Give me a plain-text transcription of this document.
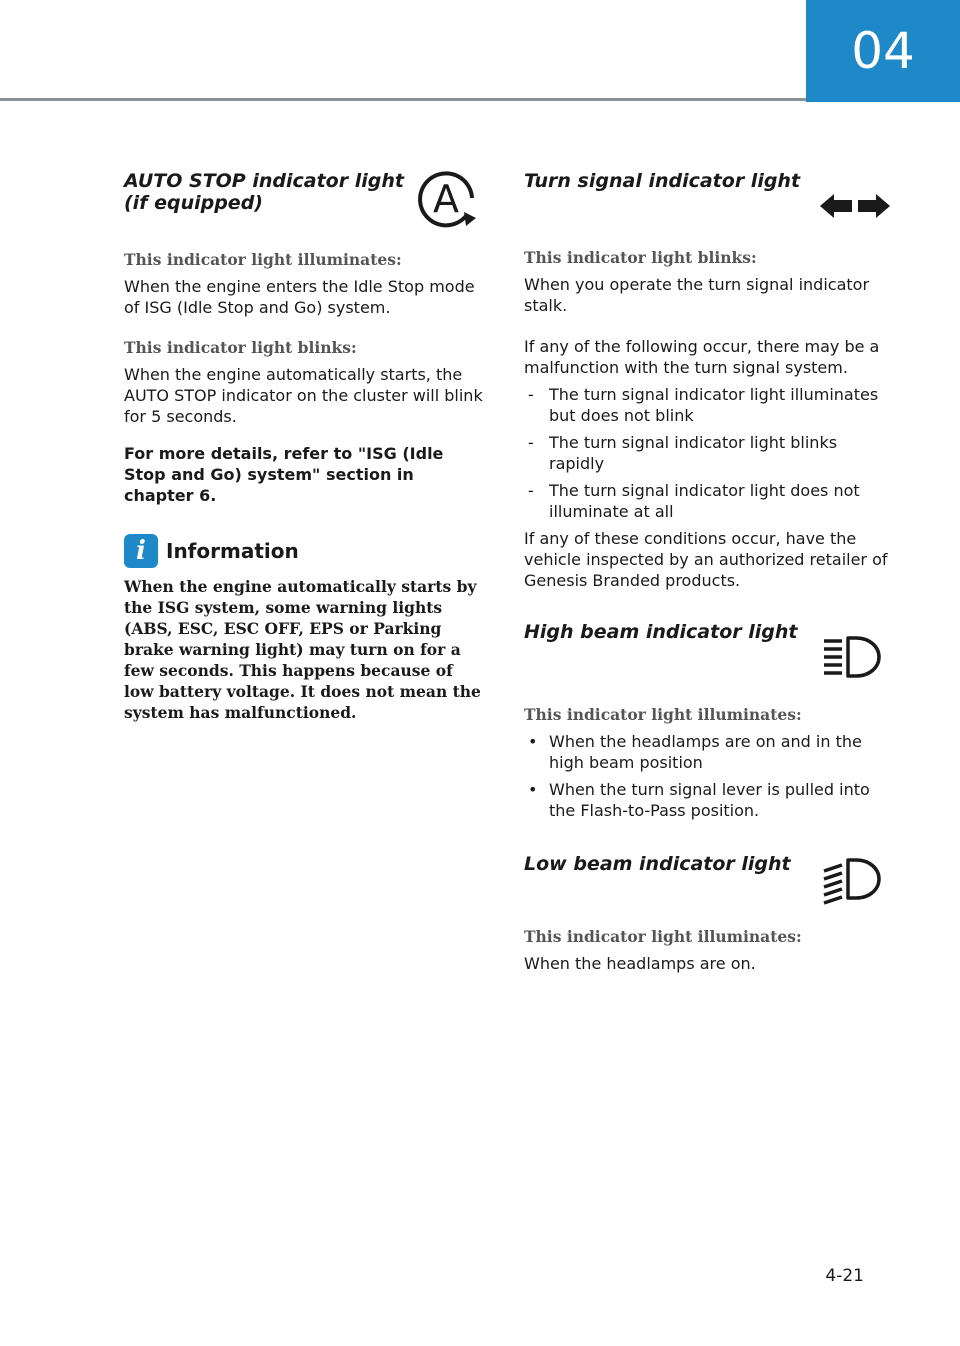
04
AUTO STOP indicator light
(if equipped)	A

This indicator light illuminates:

When the engine enters the Idle Stop mode of ISG (Idle Stop and Go) system.

This indicator light blinks:

When the engine automatically starts, the AUTO STOP indicator on the cluster will blink for 5 seconds.

For more details, refer to "ISG (Idle Stop and Go) system" section in chapter 6.

i	Information

When the engine automatically starts by the ISG system, some warning lights (ABS, ESC, ESC OFF, EPS or Parking brake warning light) may turn on for a few seconds. This happens because of low battery voltage. It does not mean the system has malfunctioned.

Turn signal indicator light

This indicator light blinks:

When you operate the turn signal indicator stalk.

If any of the following occur, there may be a malfunction with the turn signal system.

- The turn signal indicator light illuminates but does not blink
- The turn signal indicator light blinks rapidly
- The turn signal indicator light does not illuminate at all

If any of these conditions occur, have the vehicle inspected by an authorized retailer of Genesis Branded products.

High beam indicator light

This indicator light illuminates:

• When the headlamps are on and in the high beam position
• When the turn signal lever is pulled into the Flash-to-Pass position.
Low beam indicator light

This indicator light illuminates:

When the headlamps are on.

4-21
